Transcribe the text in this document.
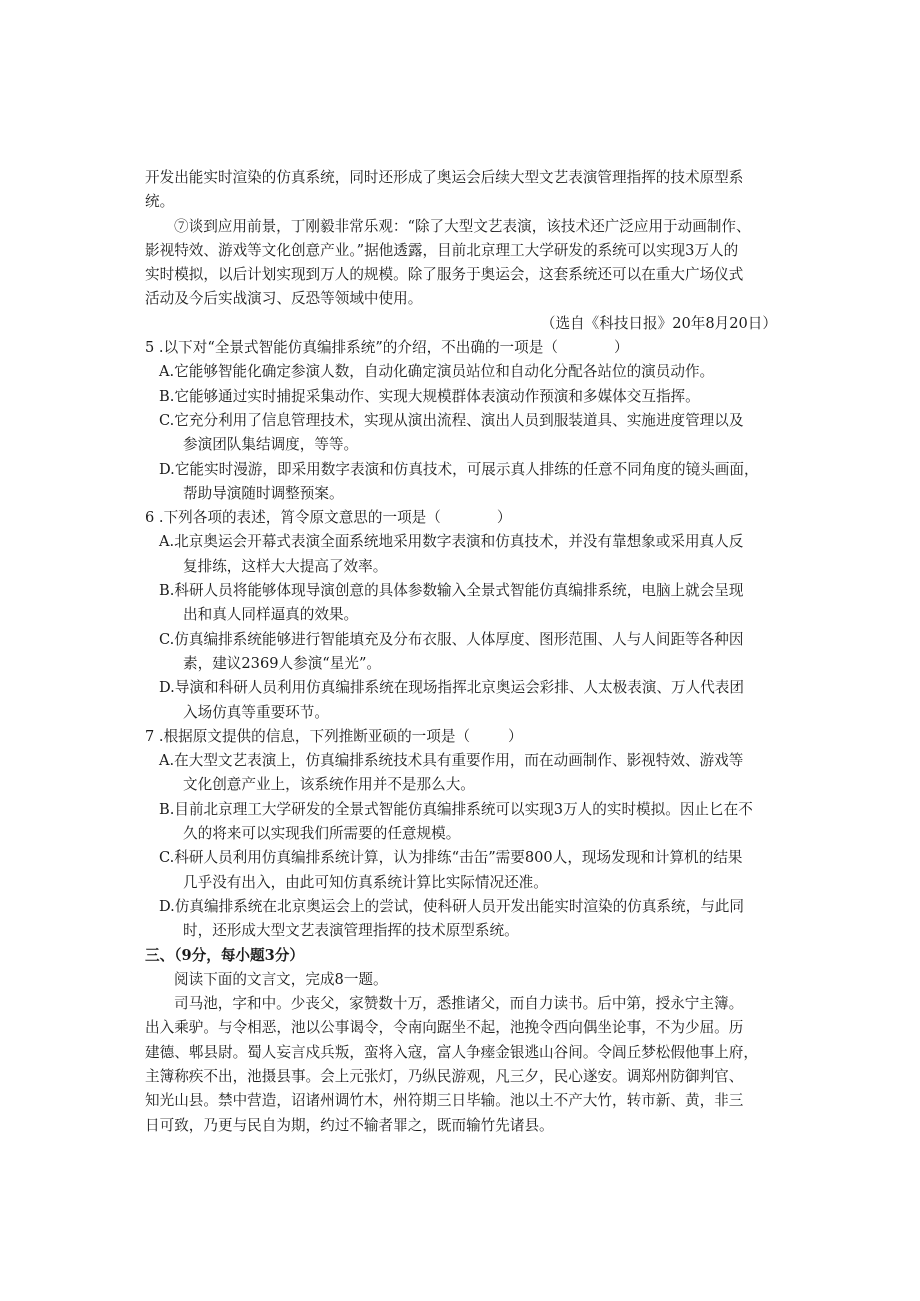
开发出能实时渲染的仿真系统，同时还形成了奥运会后续大型文艺表演管理指挥的技术原型系
统。
⑦谈到应用前景，丁刚毅非常乐观：“除了大型文艺表演，该技术还广泛应用于动画制作、
影视特效、游戏等文化创意产业。”据他透露，目前北京理工大学研发的系统可以实现3万人的
实时模拟，以后计划实现到万人的规模。除了服务于奥运会，这套系统还可以在重大广场仪式
活动及今后实战演习、反恐等领域中使用。
（选自《科技日报》20年8月20日）
5 .以下对“全景式智能仿真编排系统”的介绍，不出确的一项是（	）
A.它能够智能化确定参演人数，自动化确定演员站位和自动化分配各站位的演员动作。
B.它能够通过实时捕捉采集动作、实现大规模群体表演动作预演和多媒体交互指挥。
C.它充分利用了信息管理技术，实现从演出流程、演出人员到服装道具、实施进度管理以及
参演团队集结调度，等等。
D.它能实时漫游，即采用数字表演和仿真技术，可展示真人排练的任意不同角度的镜头画面，
帮助导演随时调整预案。
6 .下列各项的表述，筲令原文意思的一项是（	）
A.北京奥运会开幕式表演全面系统地采用数字表演和仿真技术，并没有靠想象或采用真人反
复排练，这样大大提高了效率。
B.科研人员将能够体现导演创意的具体参数输入全景式智能仿真编排系统，电脑上就会呈现
出和真人同样逼真的效果。
C.仿真编排系统能够进行智能填充及分布衣服、人体厚度、图形范围、人与人间距等各种因
素，建议2369人参演“星光”。
D.导演和科研人员利用仿真编排系统在现场指挥北京奥运会彩排、人太极表演、万人代表团
入场仿真等重要环节。
7 .根据原文提供的信息，下列推断亚硕的一项是（	）
A.在大型文艺表演上，仿真编排系统技术具有重要作用，而在动画制作、影视特效、游戏等
文化创意产业上，该系统作用并不是那么大。
B.目前北京理工大学研发的全景式智能仿真编排系统可以实现3万人的实时模拟。因止匕在不
久的将来可以实现我们所需要的任意规模。
C.科研人员利用仿真编排系统计算，认为排练“击缶”需要800人，现场发现和计算机的结果
几乎没有出入，由此可知仿真系统计算比实际情况还准。
D.仿真编排系统在北京奥运会上的尝试，使科研人员开发出能实时渲染的仿真系统，与此同
时，还形成大型文艺表演管理指挥的技术原型系统。
三、（9分，每小题3分）
阅读下面的文言文，完成8一题。
司马池，字和中。少丧父，家赞数十万，悉推诸父，而自力读书。后中第，授永宁主簿。
出入乘驴。与令相恶，池以公事谒令，令南向踞坐不起，池挽令西向偶坐论事，不为少屈。历
建德、郫县尉。蜀人妄言戍兵叛，蛮将入寇，富人争瘗金银逃山谷间。令阊丘梦松假他事上府，
主簿称疾不出，池摄县事。会上元张灯，乃纵民游观，凡三夕，民心遂安。调郑州防御判官、
知光山县。禁中营造，诏诸州调竹木，州符期三日毕输。池以土不产大竹，转市新、黄，非三
日可致，乃更与民自为期，约过不输者罪之，既而输竹先诸县。
